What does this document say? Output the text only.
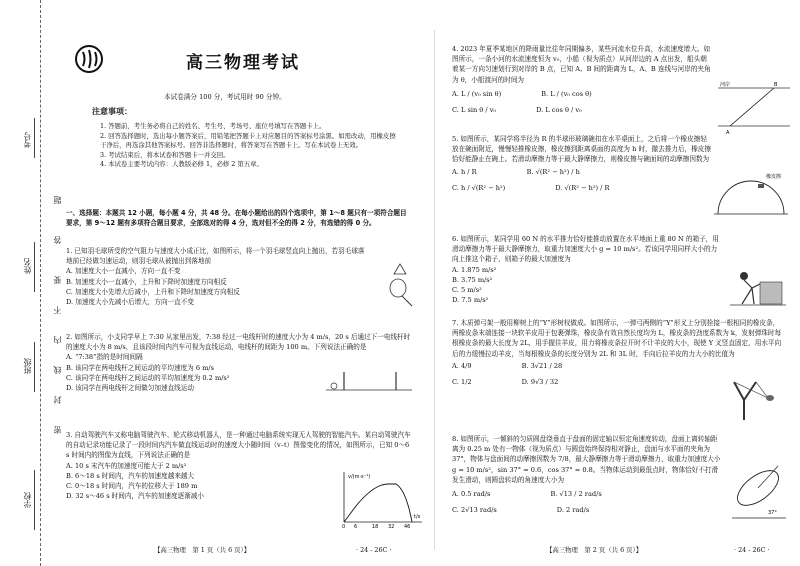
考号
姓名
班级
学校
题
答
要
不
内
线
封
密
高三物理考试
本试卷满分 100 分，考试用时 90 分钟。
注意事项：

1. 答题前，考生务必将自己的姓名、考生号、考场号、座位号填写在答题卡上。

2. 回答选择题时，选出每小题答案后，用铅笔把答题卡上对应题目的答案标号涂黑。如需改动，用橡皮擦干净后，再选涂其他答案标号。回答非选择题时，将答案写在答题卡上。写在本试卷上无效。

3. 考试结束后，将本试卷和答题卡一并交回。

4. 本试卷主要考试内容：人教版必修 1，必修 2 第五章。

一、选择题：本题共 12 小题，每小题 4 分，共 48 分。在每小题给出的四个选项中，第 1～8 题只有一项符合题目要求，第 9～12 题有多项符合题目要求，全部选对的得 4 分，选对但不全的得 2 分，有选错的得 0 分。

1. 已知羽毛球所受的空气阻力与速度大小成正比，如图所示，将一个羽毛球竖直向上抛出，若羽毛球落地前已经做匀速运动，则羽毛球从被抛出到落地前

A. 加速度大小一直减小，方向一直不变

B. 加速度大小一直减小，上升和下降时加速度方向相反

C. 加速度大小先增大后减小，上升和下降时加速度方向相反

D. 加速度大小先减小后增大，方向一直不变

2. 如图所示，小支同学早上 7:30 从家里出发，7:38 经过一电线杆时的速度大小为 4 m/s，20 s 后通过下一电线杆时的速度大小为 8 m/s，且该段时间内汽车可视为直线运动，电线杆的间距为 100 m。下列说法正确的是

A. “7:38”指的是时间间隔

B. 该同学在两电线杆之间运动的平均速度为 6 m/s

C. 该同学在两电线杆之间运动的平均加速度为 0.2 m/s²

D. 该同学在两电线杆之间做匀加速直线运动

3. 自动驾驶汽车又称电脑驾驶汽车、轮式移动机器人，是一种通过电脑系统实现无人驾驶的智能汽车。某自动驾驶汽车的自动记录功能记录了一段时间内汽车做直线运动时的速度大小随时间（v–t）图像变化的情况，如图所示，已知 0～6 s 时间内的图像为直线，下列说法正确的是

A. 10 s 末汽车的加速度可能大于 2 m/s²

B. 6～18 s 时间内，汽车的加速度越来越大

C. 0～18 s 时间内，汽车的位移大于 189 m

D. 32 s～46 s 时间内，汽车的加速度逐渐减小

v/(m·s⁻¹)
0 6	18 32 46
t/s
【高三物理　第 1 页（共 6 页）】	· 24 - 26C ·

4. 2023 年夏季某地区的降雨量比往年同期偏多，某些河流水位升高，水流速度增大。如图所示，一条小河的水流速度恒为 v₀，小船（视为质点）从河岸边的 A 点出发，船头朝着某一方向匀速划行到对岸的 B 点，已知 A、B 间的距离为 L，A、B 连线与河岸的夹角为 θ，小船渡河的时间为

A. L / (v₀ sin θ)	B. L / (v₀ cos θ)
C. L sin θ / v₀	D. L cos θ / v₀
河岸
A
B

5. 如图所示，某同学将半径为 R 的半球形玻璃碗扣在水平桌面上，之后将一个橡皮擦轻放在碗面附近，慢慢轻推橡皮擦，橡皮擦到距离桌面的高度为 h 时，撤去推力后，橡皮擦恰好能静止在碗上。若滑动摩擦力等于最大静摩擦力，则橡皮擦与碗面间的动摩擦因数为

A. h / R	B. √(R² − h²) / h
C. h / √(R² − h²)	D. √(R² − h²) / R
橡皮擦

6. 如图所示，某同学用 60 N 的水平推力恰好能推动放置在水平地面上重 80 N 的箱子，用滑动摩擦力等于最大静摩擦力，取重力加速度大小 g = 10 m/s²。若该同学用同样大小的力向上推这个箱子，则箱子的最大加速度为

A. 1.875 m/s²

B. 3.75 m/s²

C. 5 m/s²

D. 7.5 m/s²

7. 木质弹弓架一般用柳树上的“Y”形树杈做成。如图所示，一弹弓两侧的“Y”形叉上分别拴接一根相同的橡皮条，两橡皮条末端连接一块软羊皮用于包裹弹珠，橡皮条有效自然长度均为 L，橡皮条的劲度系数为 k，发射弹珠时每根橡皮条的最大长度为 2L，用手握住羊皮，用力将橡皮条拉开时不计羊皮的大小，现使 Y 叉竖直固定，用水平向后的力缓慢拉动羊皮，当每根橡皮条的长度分别为 2L 和 3L 时，手向后拉羊皮的力大小的比值为

A. 4/9	B. 3√21 / 28
C. 1/2	D. 9√3 / 32

8. 如图所示，一倾斜的匀质圆盘绕垂直于盘面的固定轴以恒定角速度转动，盘面上离转轴距离为 0.25 m 处有一物体（视为质点）与圆盘始终保持相对静止，盘面与水平面的夹角为 37°，物体与盘面间的动摩擦因数为 7/8，最大静摩擦力等于滑动摩擦力，取重力加速度大小 g = 10 m/s²，sin 37° = 0.6，cos 37° = 0.8。当物体运动到最低点时，物体恰好不打滑发生滑动，则圆盘转动的角速度大小为

A. 0.5 rad/s	B. √13 / 2 rad/s
C. 2√13 rad/s	D. 2 rad/s	37°
【高三物理　第 2 页（共 6 页）】	· 24 - 26C ·
